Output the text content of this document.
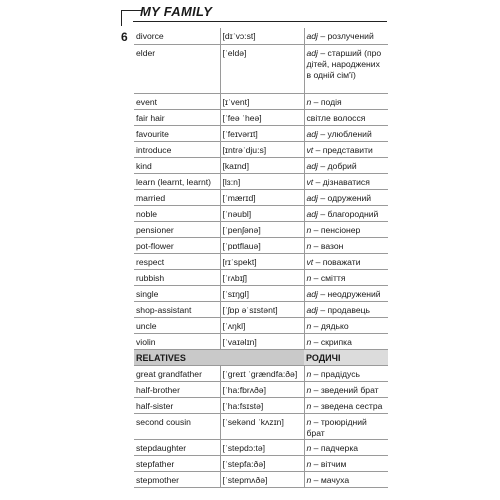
MY FAMILY
6 divorce	[dɪˈvɔ:st]	adj – розлучений
elder	[ˈeldə]	adj – старший (про дітей, народжених в одній сім'ї)
event	[ɪˈvent]	n – подія
fair hair	[ˈfeə ˈheə]	світле волосся
favourite	[ˈfeɪvərɪt]	adj – улюблений
introduce	[ɪntrəˈdju:s]	vt – представити
kind	[kaɪnd]	adj – добрий
learn (learnt, learnt)	[lɜ:n]	vt – дізнаватися
married	[ˈmærɪd]	adj – одружений
noble	[ˈnəubl]	adj – благородний
pensioner	[ˈpenʃənə]	n – пенсіонер
pot-flower	[ˈpɒtflauə]	n – вазон
respect	[rɪˈspekt]	vt – поважати
rubbish	[ˈrʌbɪʃ]	n – сміття
single	[ˈsɪŋgl]	adj – неодружений
shop-assistant	[ˈʃɒp əˈsɪstənt]	adj – продавець
uncle	[ˈʌŋkl]	n – дядько
violin	[ˈvaɪəlɪn]	n – скрипка
RELATIVES		РОДИЧІ
great grandfather	[ˈgreɪt ˈgrændfa:ðə]	n – прадідусь
half-brother	[ˈha:fbrʌðə]	n – зведений брат
half-sister	[ˈha:fsɪstə]	n – зведена сестра
second cousin	[ˈsekənd ˈkʌzɪn]	n – троюрідний брат
stepdaughter	[ˈstepdɔ:tə]	n – падчерка
stepfather	[ˈstepfa:ðə]	n – вітчим
stepmother	[ˈstepmʌðə]	n – мачуха
